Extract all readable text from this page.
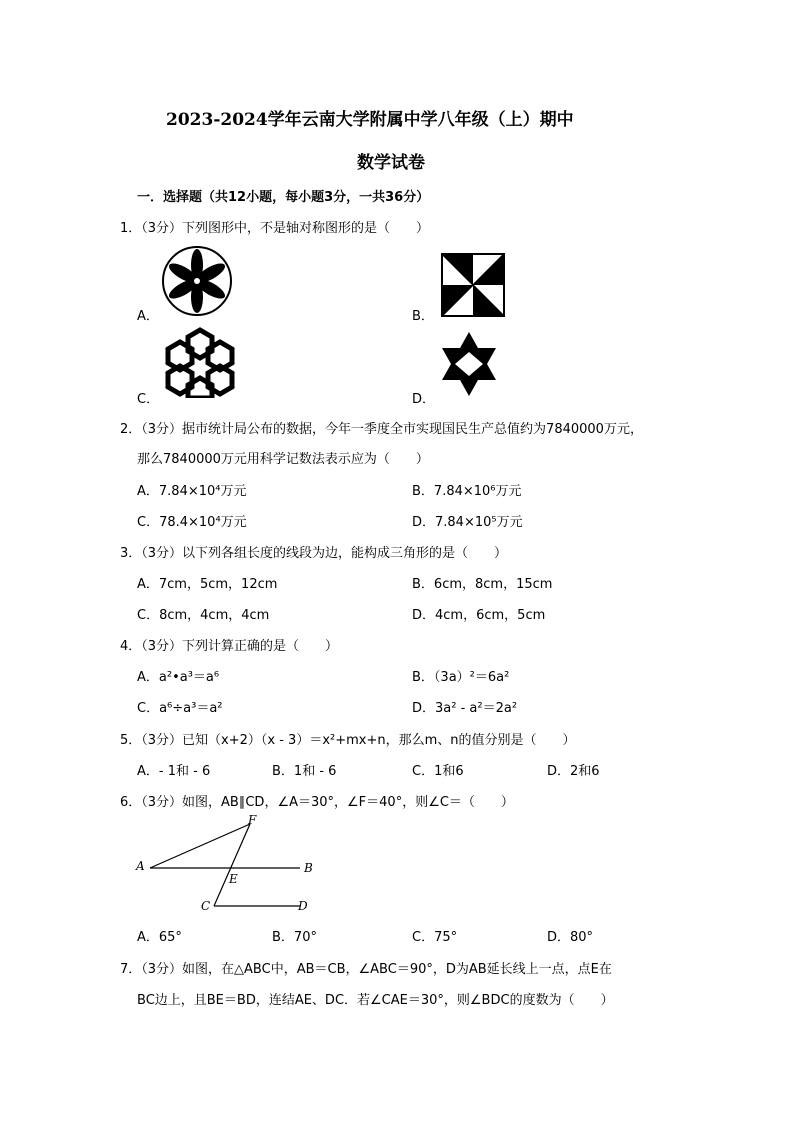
2023-2024学年云南大学附属中学八年级（上）期中
数学试卷
一．选择题（共12小题，每小题3分，一共36分）
1．（3分）下列图形中，不是轴对称图形的是（　　）
A．	B．
C．	D．
2．（3分）据市统计局公布的数据，今年一季度全市实现国民生产总值约为7840000万元，
那么7840000万元用科学记数法表示应为（　　）
A．7.84×10⁴万元	B．7.84×10⁶万元
C．78.4×10⁴万元	D．7.84×10⁵万元
3．（3分）以下列各组长度的线段为边，能构成三角形的是（　　）
A．7cm，5cm，12cm	B．6cm，8cm，15cm
C．8cm，4cm，4cm	D．4cm，6cm，5cm
4．（3分）下列计算正确的是（　　）
A．a²•a³＝a⁶	B．（3a）²＝6a²
C．a⁶÷a³＝a²	D．3a² - a²＝2a²
5．（3分）已知（x+2）（x - 3）＝x²+mx+n，那么m、n的值分别是（　　）
A．- 1和 - 6	B．1和 - 6	C．1和6	D．2和6
6．（3分）如图，AB∥CD，∠A＝30°，∠F＝40°，则∠C＝（　　）
F
A	B
E
C	D
A．65°	B．70°	C．75°	D．80°
7．（3分）如图，在△ABC中，AB＝CB，∠ABC＝90°，D为AB延长线上一点，点E在
BC边上，且BE＝BD，连结AE、DC．若∠CAE＝30°，则∠BDC的度数为（　　）
